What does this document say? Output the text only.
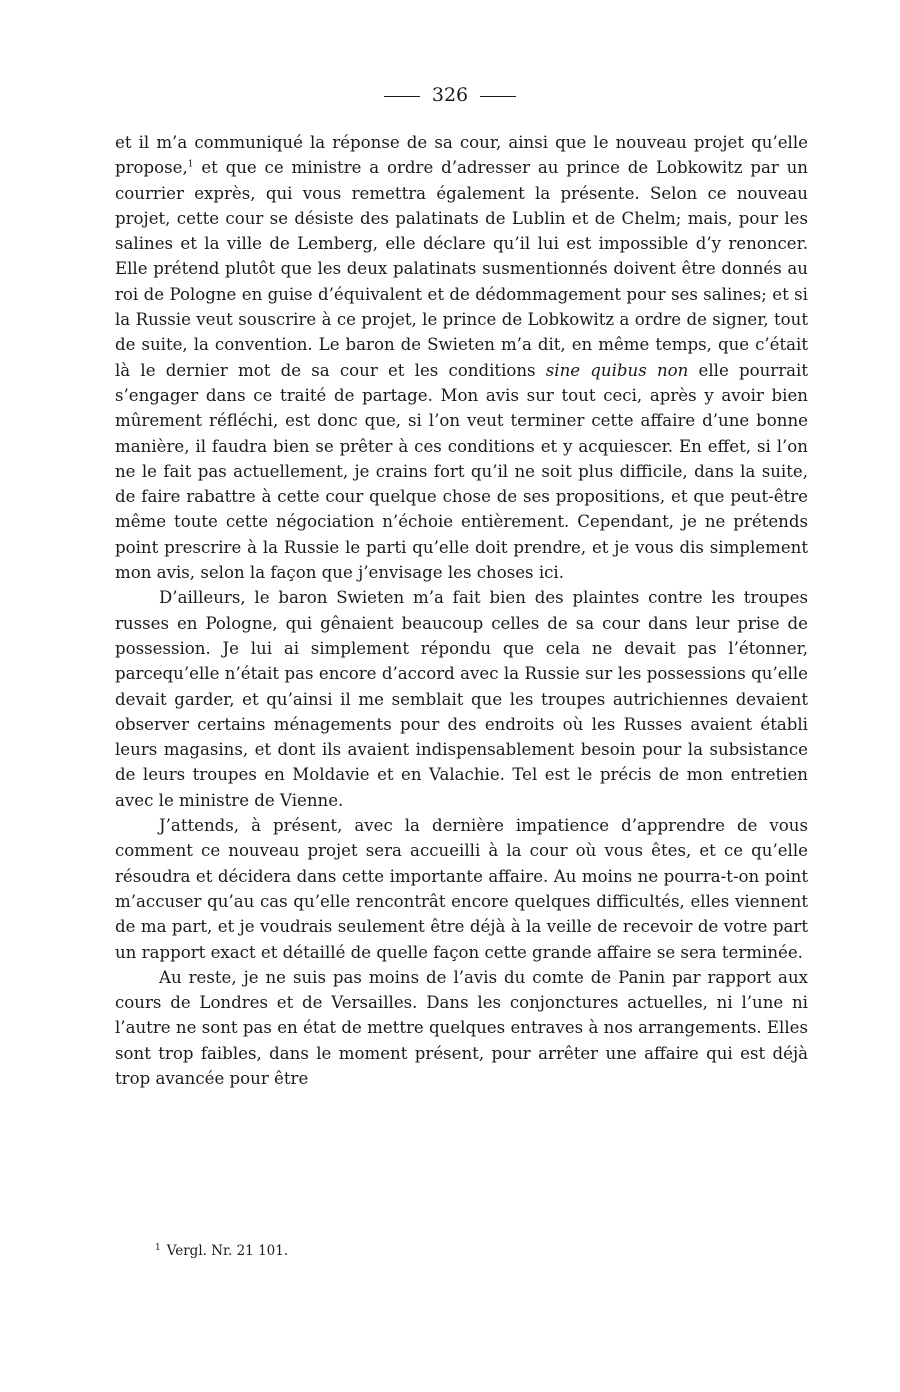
326

et il m’a communiqué la réponse de sa cour, ainsi que le nouveau projet qu’elle propose,$^1$ et que ce ministre a ordre d’adresser au prince de Lobkowitz par un courrier exprès, qui vous remettra également la présente. Selon ce nouveau projet, cette cour se désiste des palatinats de Lublin et de Chelm; mais, pour les salines et la ville de Lemberg, elle déclare qu’il lui est impossible d’y renoncer. Elle prétend plutôt que les deux palatinats susmentionnés doivent être donnés au roi de Pologne en guise d’équivalent et de dédommagement pour ses salines; et si la Russie veut souscrire à ce projet, le prince de Lobkowitz a ordre de signer, tout de suite, la convention. Le baron de Swieten m’a dit, en même temps, que c’était là le dernier mot de sa cour et les conditions sine quibus non elle pourrait s’engager dans ce traité de partage. Mon avis sur tout ceci, après y avoir bien mûrement réfléchi, est donc que, si l’on veut terminer cette affaire d’une bonne manière, il faudra bien se prêter à ces conditions et y acquiescer. En effet, si l’on ne le fait pas actuellement, je crains fort qu’il ne soit plus difficile, dans la suite, de faire rabattre à cette cour quelque chose de ses propositions, et que peut-être même toute cette négociation n’échoie entièrement. Cependant, je ne prétends point prescrire à la Russie le parti qu’elle doit prendre, et je vous dis simplement mon avis, selon la façon que j’envisage les choses ici.

D’ailleurs, le baron Swieten m’a fait bien des plaintes contre les troupes russes en Pologne, qui gênaient beaucoup celles de sa cour dans leur prise de possession. Je lui ai simplement répondu que cela ne devait pas l’étonner, parcequ’elle n’était pas encore d’accord avec la Russie sur les possessions qu’elle devait garder, et qu’ainsi il me semblait que les troupes autrichiennes devaient observer certains ménagements pour des endroits où les Russes avaient établi leurs magasins, et dont ils avaient indispensablement besoin pour la subsistance de leurs troupes en Moldavie et en Valachie. Tel est le précis de mon entretien avec le ministre de Vienne.

J’attends, à présent, avec la dernière impatience d’apprendre de vous comment ce nouveau projet sera accueilli à la cour où vous êtes, et ce qu’elle résoudra et décidera dans cette importante affaire. Au moins ne pourra-t-on point m’accuser qu’au cas qu’elle rencontrât encore quelques difficultés, elles viennent de ma part, et je voudrais seulement être déjà à la veille de recevoir de votre part un rapport exact et détaillé de quelle façon cette grande affaire se sera terminée.

Au reste, je ne suis pas moins de l’avis du comte de Panin par rapport aux cours de Londres et de Versailles. Dans les conjonctures actuelles, ni l’une ni l’autre ne sont pas en état de mettre quelques entraves à nos arrangements. Elles sont trop faibles, dans le moment présent, pour arrêter une affaire qui est déjà trop avancée pour être

$^1$ Vergl. Nr. 21 101.
